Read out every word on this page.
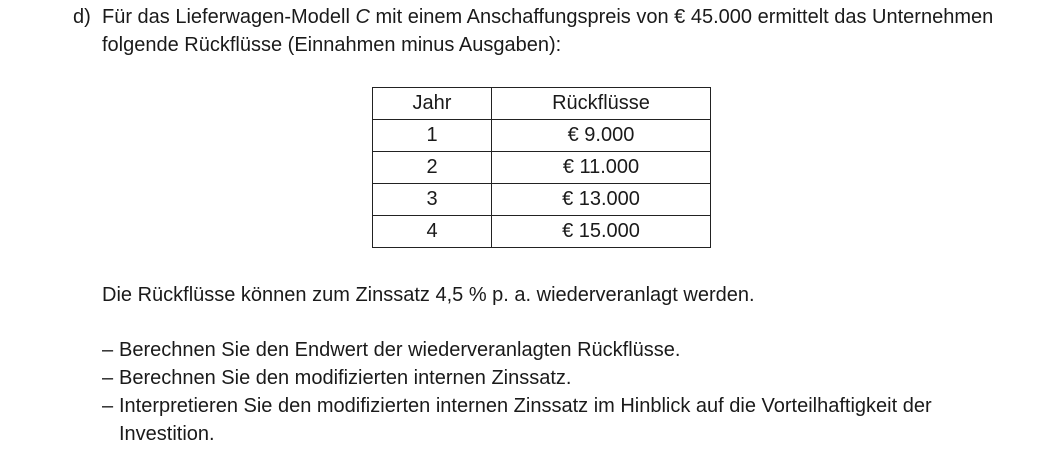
d) Für das Lieferwagen-Modell C mit einem Anschaffungspreis von € 45.000 ermittelt das Unternehmen folgende Rückflüsse (Einnahmen minus Ausgaben):
Jahr	Rückflüsse
1	€ 9.000
2	€ 11.000
3	€ 13.000
4	€ 15.000
Die Rückflüsse können zum Zinssatz 4,5 % p. a. wiederveranlagt werden.
– Berechnen Sie den Endwert der wiederveranlagten Rückflüsse.
– Berechnen Sie den modifizierten internen Zinssatz.
– Interpretieren Sie den modifizierten internen Zinssatz im Hinblick auf die Vorteilhaftigkeit der Investition.
